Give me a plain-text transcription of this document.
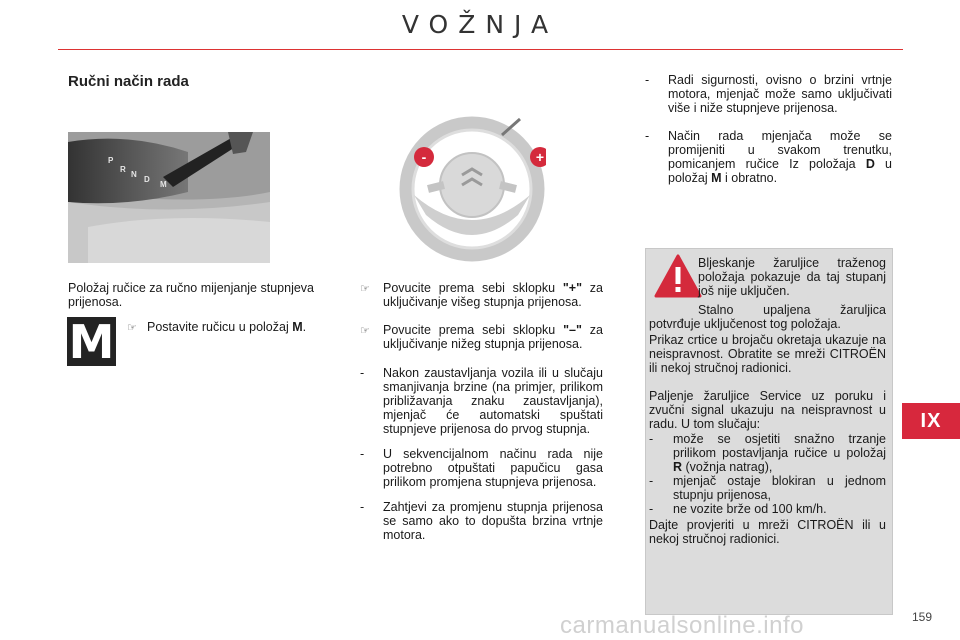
VOŽNJA
Ručni način rada
P
R
N
D
M
-	+
Položaj ručice za ručno mijenjanje stupnjeva prijenosa.
M ☞ Postavite ručicu u položaj M.
☞ Povucite prema sebi sklopku "+" za uključivanje višeg stupnja prijenosa.
☞ Povucite prema sebi sklopku "–" za uključivanje nižeg stupnja prijenosa.
- Nakon zaustavljanja vozila ili u slučaju smanjivanja brzine (na primjer, prilikom približavanja znaku zaustavljanja), mjenjač će automatski spuštati stupnjeve prijenosa do prvog stupnja.
- U sekvencijalnom načinu rada nije potrebno otpuštati papučicu gasa prilikom promjena stupnjeva prijenosa.
- Zahtjevi za promjenu stupnja prijenosa se samo ako to dopušta brzina vrtnje motora.
- Radi sigurnosti, ovisno o brzini vrtnje motora, mjenjač može samo uključivati više i niže stupnjeve prijenosa.
- Način rada mjenjača može se promijeniti u svakom trenutku, pomicanjem ručice Iz položaja D u položaj M i obratno.
Bljeskanje žaruljice traženog položaja pokazuje da taj stupanj još nije uključen.
Stalno upaljena žaruljica potvrđuje uključenost tog položaja.
Prikaz crtice u brojaču okretaja ukazuje na neispravnost. Obratite se mreži CITROËN ili nekoj stručnoj radionici.
Paljenje žaruljice Service uz poruku i zvučni signal ukazuju na neispravnost u radu. U tom slučaju:
- može se osjetiti snažno trzanje prilikom postavljanja ručice u položaj R (vožnja natrag),
- mjenjač ostaje blokiran u jednom stupnju prijenosa,
- ne vozite brže od 100 km/h.
Dajte provjeriti u mreži CITROËN ili u nekoj stručnoj radionici.
IX
carmanualsonline.info	159
